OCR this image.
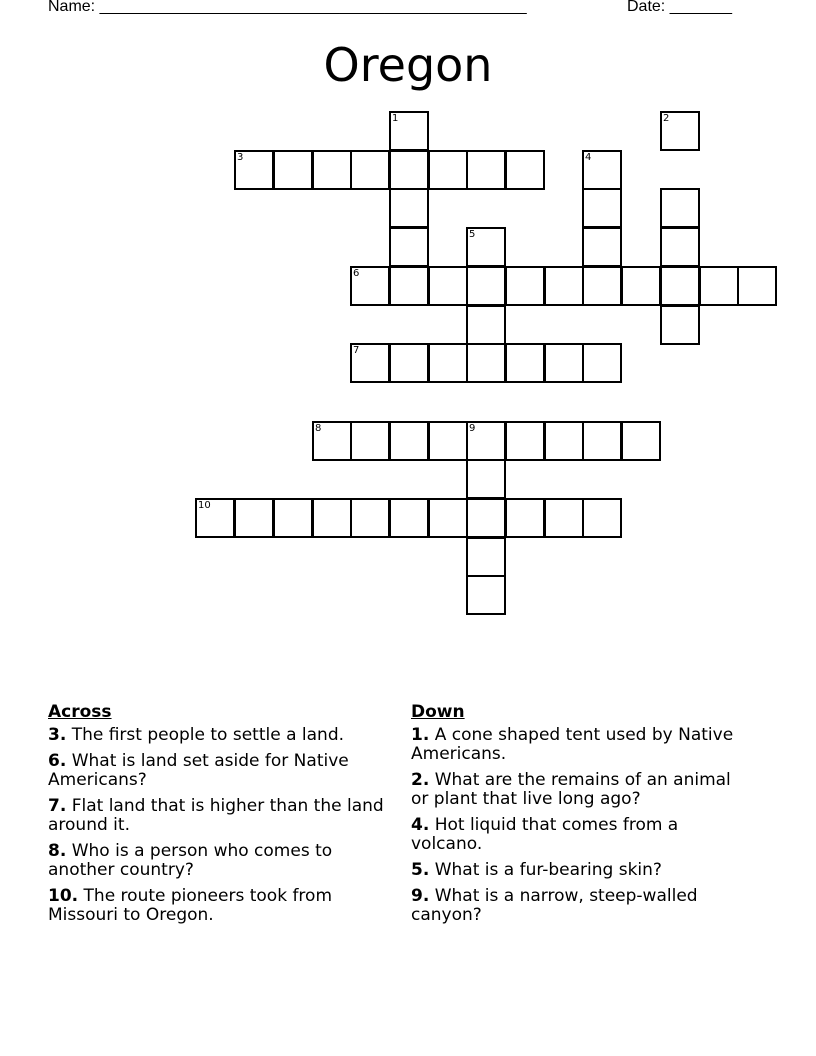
Name: ________________________________________________	Date: _______
Oregon
3
1	2
4
5
6
7
8	9
10
Across
3. The first people to settle a land.
6. What is land set aside for Native Americans?
7. Flat land that is higher than the land around it.
8. Who is a person who comes to another country?
10. The route pioneers took from Missouri to Oregon.
Down
1. A cone shaped tent used by Native Americans.
2. What are the remains of an animal or plant that live long ago?
4. Hot liquid that comes from a volcano.
5. What is a fur-bearing skin?
9. What is a narrow, steep-walled canyon?
